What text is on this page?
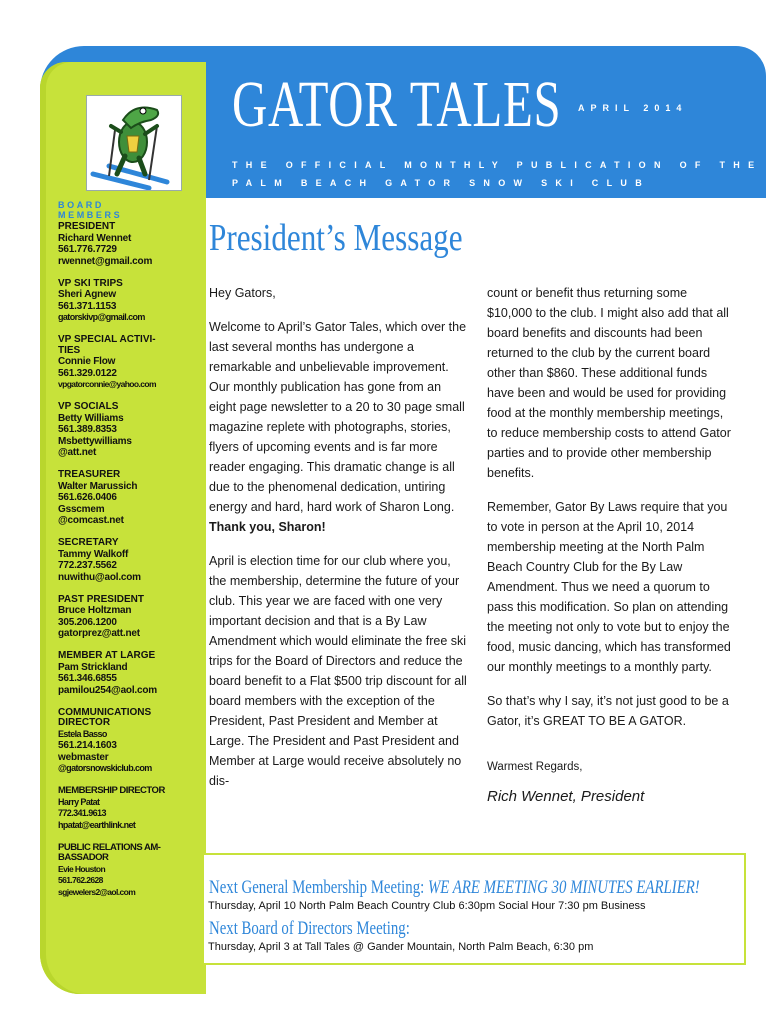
GATOR TALES APRIL 2014
THE OFFICIAL MONTHLY PUBLICATION OF THE
PALM BEACH GATOR SNOW SKI CLUB
BOARD MEMBERS
PRESIDENT
Richard Wennet
561.776.7729
rwennet@gmail.com
VP SKI TRIPS
Sheri Agnew
561.371.1153
gatorskivp@gmail.com
VP SPECIAL ACTIVI-TIES
Connie Flow
561.329.0122
vpgatorconnie@yahoo.com
VP SOCIALS
Betty Williams
561.389.8353
Msbettywilliams
@att.net
TREASURER
Walter Marussich
561.626.0406
Gsscmem
@comcast.net
SECRETARY
Tammy Walkoff
772.237.5562
nuwithu@aol.com
PAST PRESIDENT
Bruce Holtzman
305.206.1200
gatorprez@att.net
MEMBER AT LARGE
Pam Strickland
561.346.6855
pamilou254@aol.com
COMMUNICATIONS DIRECTOR
Estela Basso
561.214.1603
webmaster
@gatorsnowskiclub.com
MEMBERSHIP DIRECTOR
Harry Patat
772.341.9613
hpatat@earthlink.net
PUBLIC RELATIONS AM-BASSADOR
Evie Houston
561.762.2628
sgjewelers2@aol.com
President’s Message

Hey Gators,

Welcome to April’s Gator Tales, which over the last several months has undergone a remarkable and unbelievable improvement. Our monthly publication has gone from an eight page newsletter to a 20 to 30 page small magazine replete with photographs, stories, flyers of upcoming events and is far more reader engaging. This dramatic change is all due to the phenomenal dedication, untiring energy and hard, hard work of Sharon Long. Thank you, Sharon!

April is election time for our club where you, the membership, determine the future of your club. This year we are faced with one very important decision and that is a By Law Amendment which would eliminate the free ski trips for the Board of Directors and reduce the board benefit to a Flat $500 trip discount for all board members with the exception of the President, Past President and Member at Large. The President and Past President and Member at Large would receive absolutely no dis-

count or benefit thus returning some $10,000 to the club. I might also add that all board benefits and discounts had been returned to the club by the current board other than $860. These additional funds have been and would be used for providing food at the monthly membership meetings, to reduce membership costs to attend Gator parties and to provide other membership benefits.

Remember, Gator By Laws require that you to vote in person at the April 10, 2014 membership meeting at the North Palm Beach Country Club for the By Law Amendment. Thus we need a quorum to pass this modification. So plan on attending the meeting not only to vote but to enjoy the food, music dancing, which has transformed our monthly meetings to a monthly party.

So that’s why I say, it’s not just good to be a Gator, it’s GREAT TO BE A GATOR.

Warmest Regards,

Rich Wennet, President

Next General Membership Meeting: WE ARE MEETING 30 MINUTES EARLIER!
Thursday, April 10 North Palm Beach Country Club 6:30pm Social Hour 7:30 pm Business
Next Board of Directors Meeting:
Thursday, April 3 at Tall Tales @ Gander Mountain, North Palm Beach, 6:30 pm
